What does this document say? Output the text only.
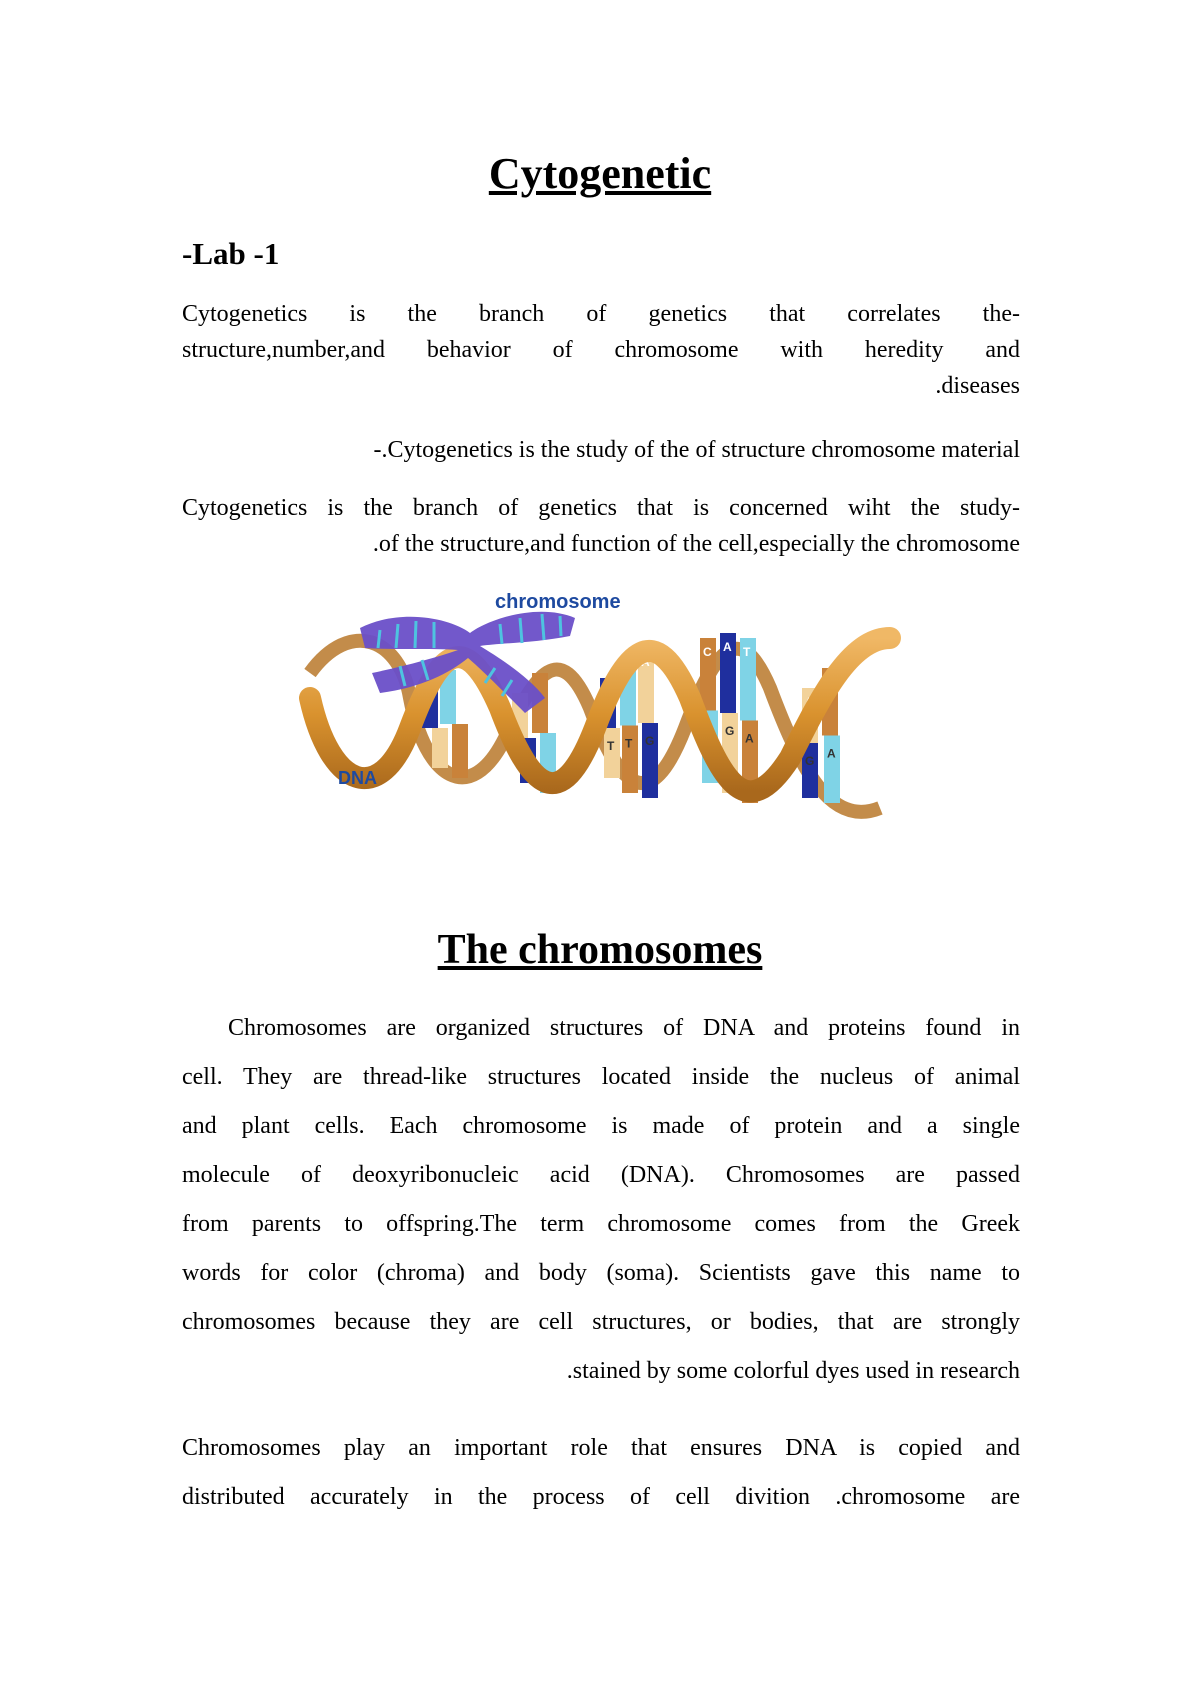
Cytogenetic
-Lab -1
Cytogenetics is the branch of genetics that correlates the-
structure,number,and behavior of chromosome with heredity and
.diseases
-.Cytogenetics is the study of the of structure chromosome material
Cytogenetics is the branch of genetics that is concerned wiht the study-
.of the structure,and function of the cell,especially the chromosome
T
T
A
T
A
G
C
A
A
G
T
A
A
G
T
A
chromosome
DNA
The chromosomes
Chromosomes are organized structures of DNA and proteins found in
cell. They are thread-like structures located inside the nucleus of animal
and plant cells. Each chromosome is made of protein and a single
molecule of deoxyribonucleic acid (DNA). Chromosomes are passed
from parents to offspring.The term chromosome comes from the Greek
words for color (chroma) and body (soma). Scientists gave this name to
chromosomes because they are cell structures, or bodies, that are strongly
.stained by some colorful dyes used in research
Chromosomes play an important role that ensures DNA is copied and
distributed accurately in the process of cell divition .chromosome are
